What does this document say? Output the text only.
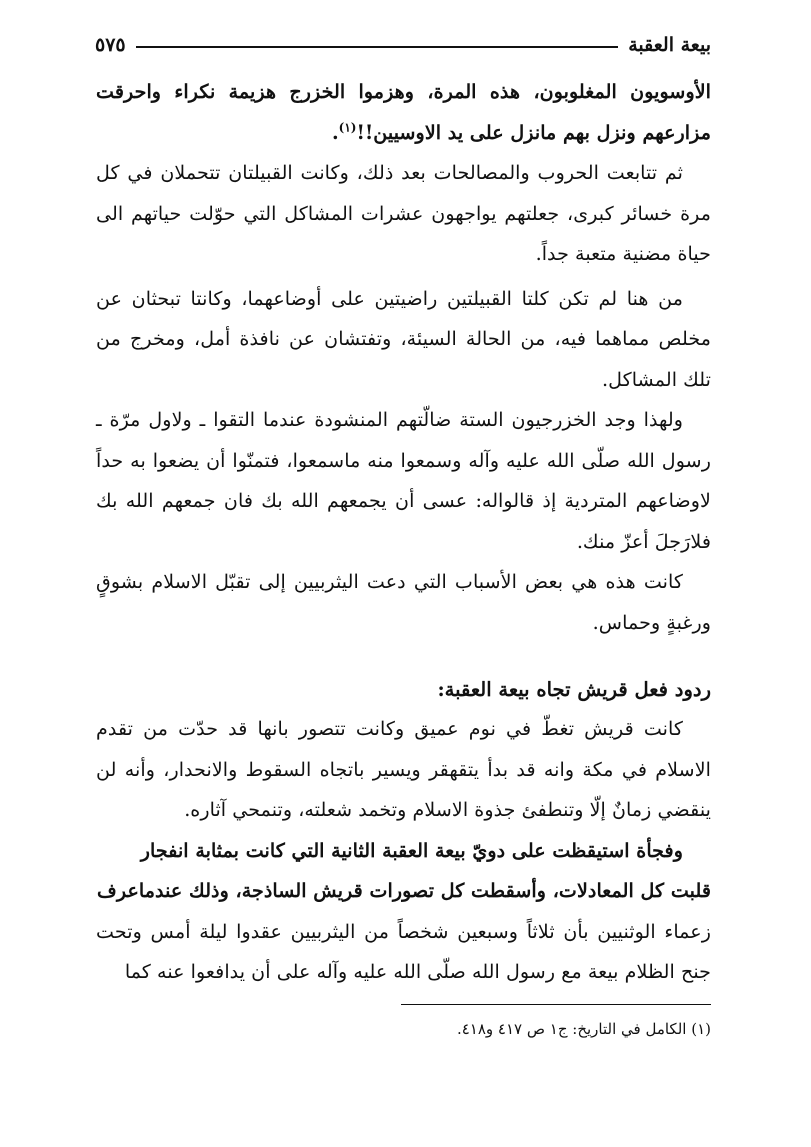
بيعة العقبة
٥٧٥

الأوسويون المغلوبون، هذه المرة، وهزموا الخزرج هزيمة نكراء واحرقت مزارعهم ونزل بهم مانزل على يد الاوسيين!!$^{(١)}$.

ثم تتابعت الحروب والمصالحات بعد ذلك، وكانت القبيلتان تتحملان في كل مرة خسائر كبرى، جعلتهم يواجهون عشرات المشاكل التي حوّلت حياتهم الى حياة مضنية متعبة جداً.

من هنا لم تكن كلتا القبيلتين راضيتين على أوضاعهما، وكانتا تبحثان عن مخلص مماهما فيه، من الحالة السيئة، وتفتشان عن نافذة أمل، ومخرج من تلك المشاكل.

ولهذا وجد الخزرجيون الستة ضالّتهم المنشودة عندما التقوا ـ ولاول مرّة ـ رسول الله صلّى الله عليه وآله وسمعوا منه ماسمعوا، فتمنّوا أن يضعوا به حداً لاوضاعهم المتردية إذ قالواله: عسى أن يجمعهم الله بك فان جمعهم الله بك فلارَجلَ أعزّ منك.

كانت هذه هي بعض الأسباب التي دعت اليثربيين إلى تقبّل الاسلام بشوقٍ ورغبةٍ وحماس.

ردود فعل قريش تجاه بيعة العقبة:

كانت قريش تغطّ في نوم عميق وكانت تتصور بانها قد حدّت من تقدم الاسلام في مكة وانه قد بدأ يتقهقر ويسير باتجاه السقوط والانحدار، وأنه لن ينقضي زمانٌ إلّا وتنطفئ جذوة الاسلام وتخمد شعلته، وتنمحي آثاره.

وفجأة استيقظت على دويّ بيعة العقبة الثانية التي كانت بمثابة انفجار

قلبت كل المعادلات، وأسقطت كل تصورات قريش الساذجة، وذلك عندماعرف

زعماء الوثنيين بأن ثلاثاً وسبعين شخصاً من اليثربيين عقدوا ليلة أمس وتحت جنح الظلام بيعة مع رسول الله صلّى الله عليه وآله على أن يدافعوا عنه كما

(١) الكامل في التاريخ: ج١ ص ٤١٧ و٤١٨.
